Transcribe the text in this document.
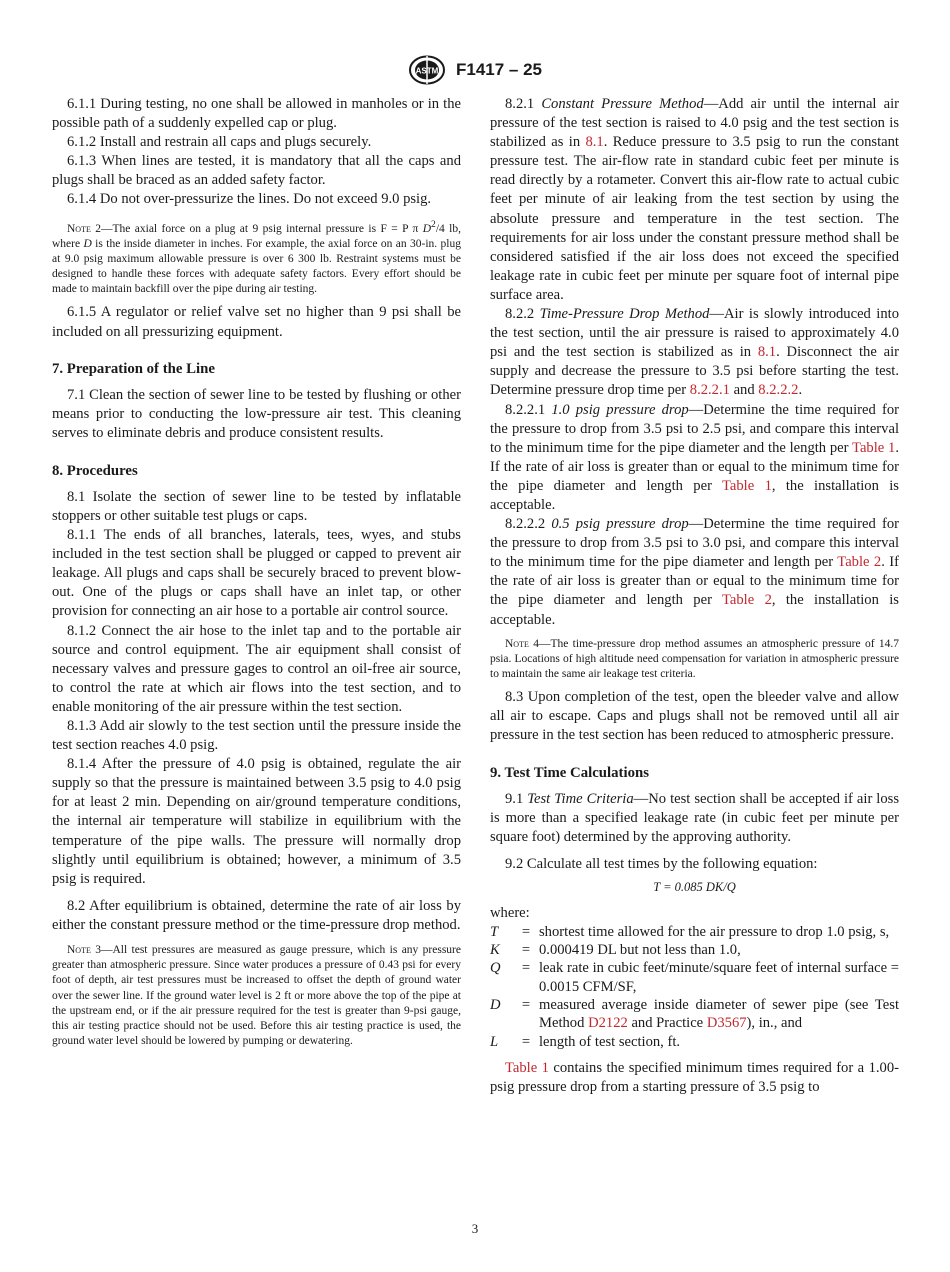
ASTM F1417 – 25

6.1.1 During testing, no one shall be allowed in manholes or in the possible path of a suddenly expelled cap or plug.

6.1.2 Install and restrain all caps and plugs securely.

6.1.3 When lines are tested, it is mandatory that all the caps and plugs shall be braced as an added safety factor.

6.1.4 Do not over-pressurize the lines. Do not exceed 9.0 psig.

Note 2—The axial force on a plug at 9 psig internal pressure is F = P π $D^2/4$ lb, where D is the inside diameter in inches. For example, the axial force on an 30-in. plug at 9.0 psig maximum allowable pressure is over 6 300 lb. Restraint systems must be designed to handle these forces with adequate safety factors. Every effort should be made to maintain backfill over the pipe during air testing.

6.1.5 A regulator or relief valve set no higher than 9 psi shall be included on all pressurizing equipment.

7. Preparation of the Line

7.1 Clean the section of sewer line to be tested by flushing or other means prior to conducting the low-pressure air test. This cleaning serves to eliminate debris and produce consistent results.

8. Procedures

8.1 Isolate the section of sewer line to be tested by inflatable stoppers or other suitable test plugs or caps.

8.1.1 The ends of all branches, laterals, tees, wyes, and stubs included in the test section shall be plugged or capped to prevent air leakage. All plugs and caps shall be securely braced to prevent blow-out. One of the plugs or caps shall have an inlet tap, or other provision for connecting an air hose to a portable air control source.

8.1.2 Connect the air hose to the inlet tap and to the portable air source and control equipment. The air equipment shall consist of necessary valves and pressure gages to control an oil-free air source, to control the rate at which air flows into the test section, and to enable monitoring of the air pressure within the test section.

8.1.3 Add air slowly to the test section until the pressure inside the test section reaches 4.0 psig.

8.1.4 After the pressure of 4.0 psig is obtained, regulate the air supply so that the pressure is maintained between 3.5 psig to 4.0 psig for at least 2 min. Depending on air/ground temperature conditions, the internal air temperature will stabilize in equilibrium with the temperature of the pipe walls. The pressure will normally drop slightly until equilibrium is obtained; however, a minimum of 3.5 psig is required.

8.2 After equilibrium is obtained, determine the rate of air loss by either the constant pressure method or the time-pressure drop method.

Note 3—All test pressures are measured as gauge pressure, which is any pressure greater than atmospheric pressure. Since water produces a pressure of 0.43 psi for every foot of depth, air test pressures must be increased to offset the depth of ground water over the sewer line. If the ground water level is 2 ft or more above the top of the pipe at the upstream end, or if the air pressure required for the test is greater than 9-psi gauge, this air testing practice should not be used. Before this air testing practice is used, the ground water level should be lowered by pumping or dewatering.

8.2.1 Constant Pressure Method—Add air until the internal air pressure of the test section is raised to 4.0 psig and the test section is stabilized as in 8.1. Reduce pressure to 3.5 psig to run the constant pressure test. The air-flow rate in standard cubic feet per minute is read directly by a rotameter. Convert this air-flow rate to actual cubic feet per minute of air leaking from the test section by using the absolute pressure and temperature in the test section. The requirements for air loss under the constant pressure method shall be considered satisfied if the air loss does not exceed the specified leakage rate in cubic feet per minute per square foot of internal pipe surface area.

8.2.2 Time-Pressure Drop Method—Air is slowly introduced into the test section, until the air pressure is raised to approximately 4.0 psi and the test section is stabilized as in 8.1. Disconnect the air supply and decrease the pressure to 3.5 psi before starting the test. Determine pressure drop time per 8.2.2.1 and 8.2.2.2.

8.2.2.1 1.0 psig pressure drop—Determine the time required for the pressure to drop from 3.5 psi to 2.5 psi, and compare this interval to the minimum time for the pipe diameter and the length per Table 1. If the rate of air loss is greater than or equal to the minimum time for the pipe diameter and length per Table 1, the installation is acceptable.

8.2.2.2 0.5 psig pressure drop—Determine the time required for the pressure to drop from 3.5 psi to 3.0 psi, and compare this interval to the minimum time for the pipe diameter and length per Table 2. If the rate of air loss is greater than or equal to the minimum time for the pipe diameter and length per Table 2, the installation is acceptable.

Note 4—The time-pressure drop method assumes an atmospheric pressure of 14.7 psia. Locations of high altitude need compensation for variation in atmospheric pressure to maintain the same air leakage test criteria.

8.3 Upon completion of the test, open the bleeder valve and allow all air to escape. Caps and plugs shall not be removed until all air pressure in the test section has been reduced to atmospheric pressure.

9. Test Time Calculations

9.1 Test Time Criteria—No test section shall be accepted if air loss is more than a specified leakage rate (in cubic feet per minute per square foot) determined by the approving authority.

9.2 Calculate all test times by the following equation:

T = 0.085 DK/Q

where:

T	= shortest time allowed for the air pressure to drop 1.0 psig, s,
K	= 0.000419 DL but not less than 1.0,
Q	= leak rate in cubic feet/minute/square feet of internal surface = 0.0015 CFM/SF,
D	= measured average inside diameter of sewer pipe (see Test Method D2122 and Practice D3567), in., and
L	= length of test section, ft.

Table 1 contains the specified minimum times required for a 1.00-psig pressure drop from a starting pressure of 3.5 psig to

3
